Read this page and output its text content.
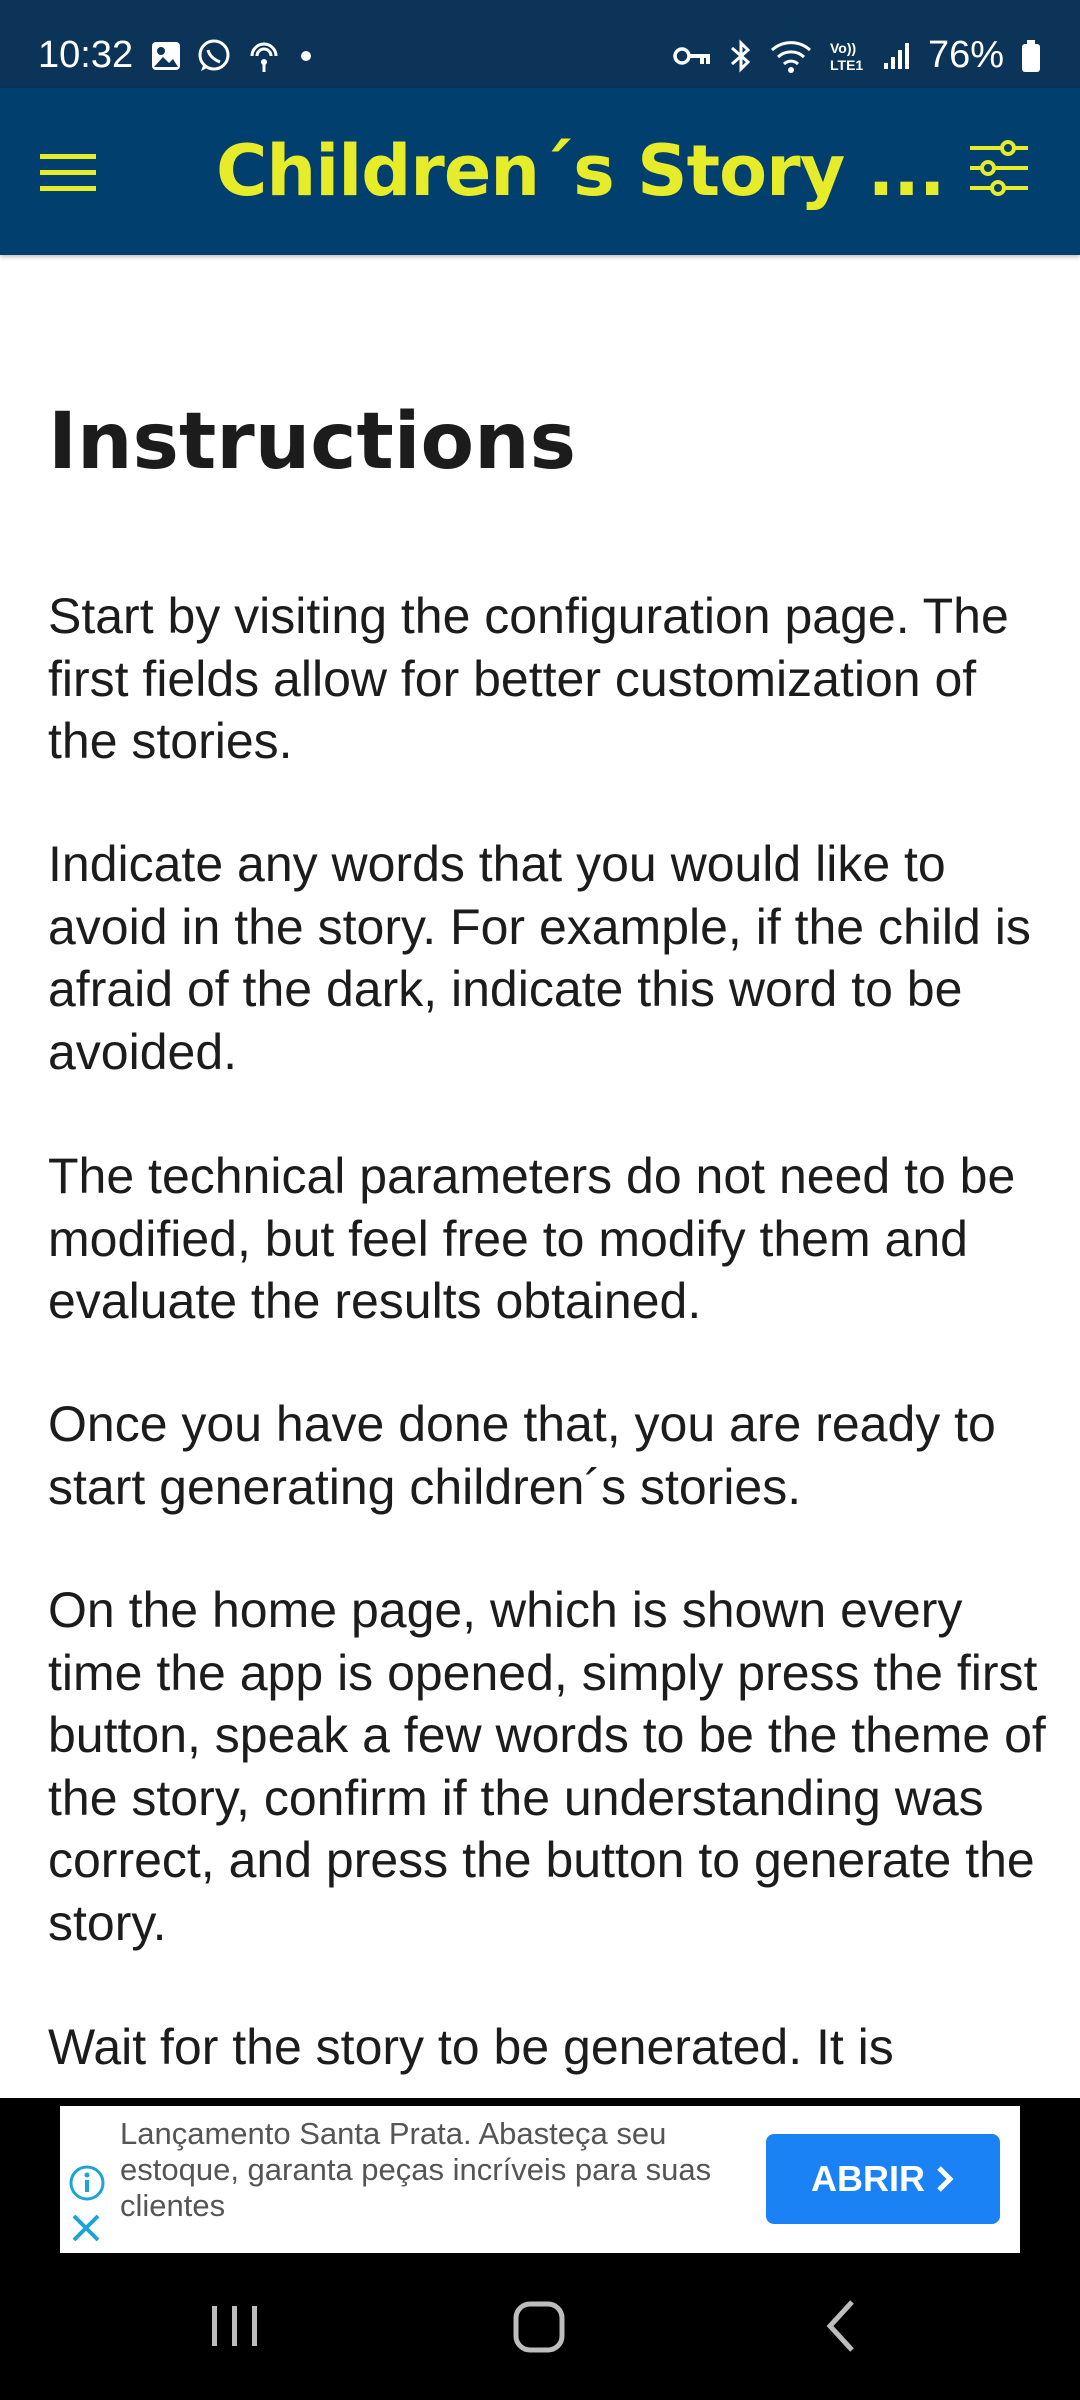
10:32	Vo))
LTE1 76%
Children´s Story ...
Instructions

Start by visiting the configuration page. The first fields allow for better customization of the stories.

Indicate any words that you would like to avoid in the story. For example, if the child is afraid of the dark, indicate this word to be avoided.

The technical parameters do not need to be modified, but feel free to modify them and evaluate the results obtained.

Once you have done that, you are ready to start generating children´s stories.

On the home page, which is shown every time the app is opened, simply press the first button, speak a few words to be the theme of the story, confirm if the understanding was correct, and press the button to generate the story.

Wait for the story to be generated. It is

Lançamento Santa Prata. Abasteça seu estoque, garanta peças incríveis para suas clientes
ABRIR
